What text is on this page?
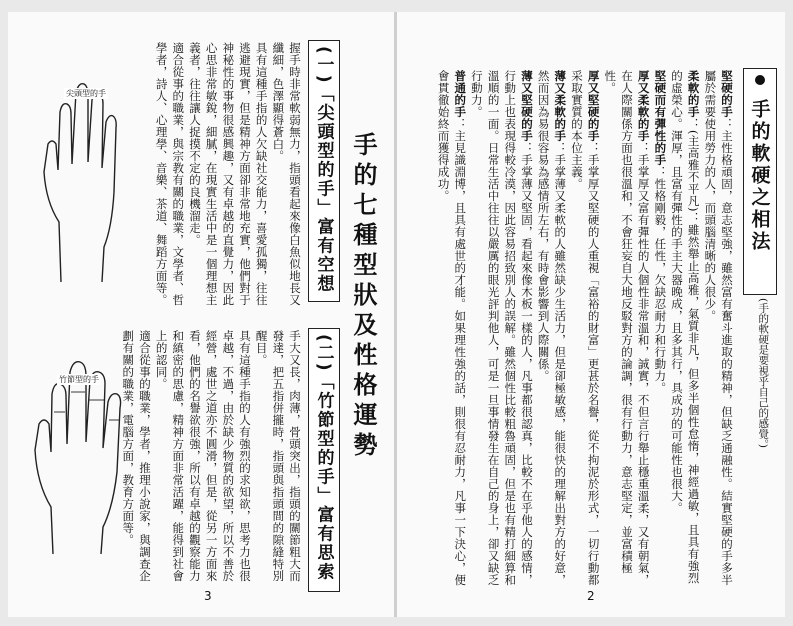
手的七種型狀及性格運勢
(一)「尖頭型的手」富有空想

握手時非常軟弱無力，指頭看起來像白魚似地長又纖細，色澤顯得蒼白。

具有這種手指的人欠缺社交能力，喜愛孤獨，往往逃避現實，但是精神方面卻非常地充實，他們對于神秘性的事物很感興趣，又有卓越的直覺力，因此心思非常敏銳，細膩，在現實生活中是一個理想主義者，往往讓人捉摸不定的良機溜走。

適合從事的職業，與宗教有關的職業，文學者、哲學者，詩人、心理學、音樂、茶道、舞蹈方面等。

尖頭型的手
(二)「竹節型的手」富有思索

手大又長，肉薄，骨頭突出，指頭的關節粗大而發達，把五指併攏時，指頭與指頭間的隙縫特別醒目。

具有這種手指的人有強烈的求知欲，思考力也很卓越，不過，由於缺少物質的欲望，所以不善於經營，處世之道亦不圓滑，但是，從另一方面來看，他們的名譽欲很強，所以有卓越的觀察能力和縝密的思慮，精神方面非常活躍，能得到社會上的認同。

適合從事的職業，學者，推理小說家，與調查企劃有關的職業，電腦方面，教育方面等。

竹節型的手
3
手的軟硬之相法
(手的軟硬是要視乎自己的感覺。)

堅硬的手：主性格頑固，意志堅強，雖然富有奮斗進取的精神，但缺乏通融性。結實堅硬的手多半屬於需要使用勞力的人，而頭腦清晰的人很少。

柔軟的手：(主高雅不平凡)：雖然舉止高雅，氣質非凡，但多半個性怠惰，神經過敏，且具有強烈的虛榮心。渾厚，且富有彈性的手主大器晚成，且多其行，具成功的可能性也很大。

堅硬而有彈性的手：性格剛毅，任性，欠缺忍耐力和行動力。

厚又柔軟的手：手掌厚又富有彈性的人個性非常溫和，誠實，不但言行舉止穩重溫柔，又有朝氣，在人際關係方面也很溫和，不會狂妄自大地反駁對方的論調，很有行動力，意志堅定，並富積極性。

厚又堅硬的手：手掌厚又堅硬的人重視「富裕的財富」更甚於名譽，從不拘泥於形式，一切行動都采取實質的本位主義。

薄又柔軟的手：手掌薄又柔軟的人雖然缺少生活力，但是卻極敏感，能很快的理解出對方的好意，然而因為易很容易為感情所左右，有時會影響到人際關係。

薄又堅硬的手：手掌薄又堅固，看起來像木板一樣的人，凡事都很認真，比較不在乎他人的感情，行動上也表現得較冷漠，因此容易招致別人的誤解。雖然個性比較粗魯頑固，但是也有精打細算和溫順的一面。日常生活中往往以嚴厲的眼光評判他人，可是一旦事情發生在自己的身上，卻又缺乏行動力。

普通的手：主見識淵博，且具有處世的才能。如果理性強的話，則很有忍耐力，凡事一下決心，便會貫徹始終而獲得成功。

2
